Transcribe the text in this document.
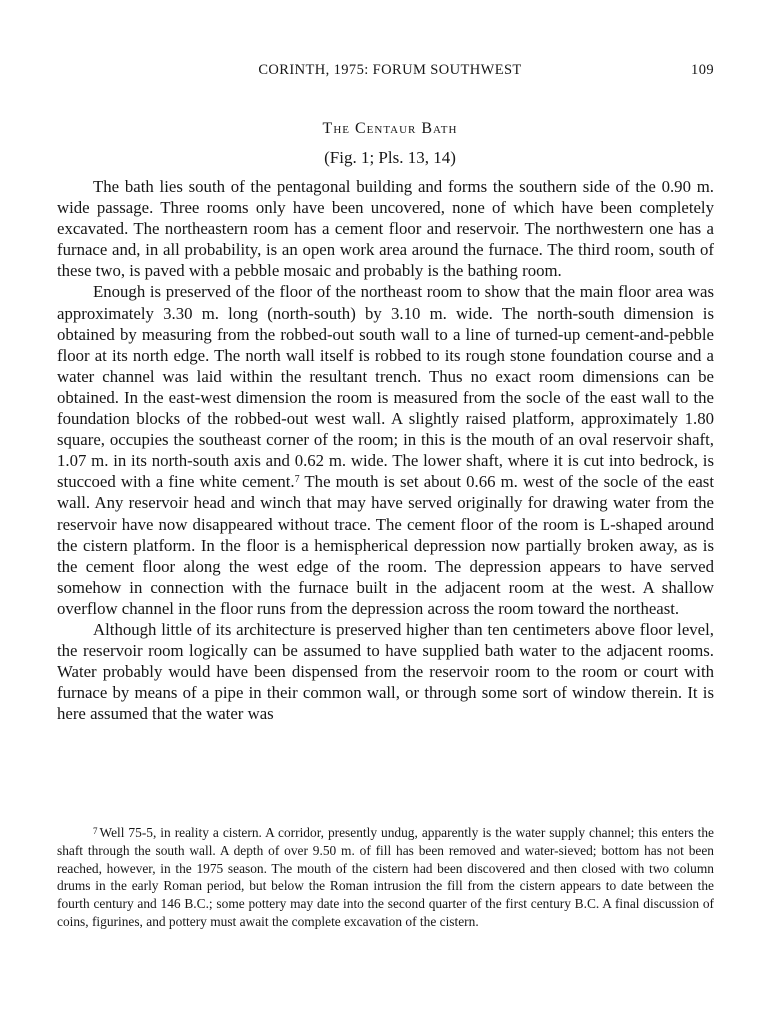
CORINTH, 1975: FORUM SOUTHWEST	109
The Centaur Bath
(Fig. 1; Pls. 13, 14)

The bath lies south of the pentagonal building and forms the southern side of the 0.90 m. wide passage. Three rooms only have been uncovered, none of which have been completely excavated. The northeastern room has a cement floor and reservoir. The northwestern one has a furnace and, in all probability, is an open work area around the furnace. The third room, south of these two, is paved with a pebble mosaic and probably is the bathing room.

Enough is preserved of the floor of the northeast room to show that the main floor area was approximately 3.30 m. long (north-south) by 3.10 m. wide. The north-south dimension is obtained by measuring from the robbed-out south wall to a line of turned-up cement-and-pebble floor at its north edge. The north wall itself is robbed to its rough stone foundation course and a water channel was laid within the resultant trench. Thus no exact room dimensions can be obtained. In the east-west dimension the room is measured from the socle of the east wall to the foundation blocks of the robbed-out west wall. A slightly raised platform, approximately 1.80 square, occupies the southeast corner of the room; in this is the mouth of an oval reservoir shaft, 1.07 m. in its north-south axis and 0.62 m. wide. The lower shaft, where it is cut into bedrock, is stuccoed with a fine white cement.$^7$ The mouth is set about 0.66 m. west of the socle of the east wall. Any reservoir head and winch that may have served originally for drawing water from the reservoir have now disappeared without trace. The cement floor of the room is L-shaped around the cistern platform. In the floor is a hemispherical depression now partially broken away, as is the cement floor along the west edge of the room. The depression appears to have served somehow in connection with the furnace built in the adjacent room at the west. A shallow overflow channel in the floor runs from the depression across the room toward the northeast.

Although little of its architecture is preserved higher than ten centimeters above floor level, the reservoir room logically can be assumed to have supplied bath water to the adjacent rooms. Water probably would have been dispensed from the reservoir room to the room or court with furnace by means of a pipe in their common wall, or through some sort of window therein. It is here assumed that the water was

$^7$ Well 75-5, in reality a cistern. A corridor, presently undug, apparently is the water supply channel; this enters the shaft through the south wall. A depth of over 9.50 m. of fill has been removed and water-sieved; bottom has not been reached, however, in the 1975 season. The mouth of the cistern had been discovered and then closed with two column drums in the early Roman period, but below the Roman intrusion the fill from the cistern appears to date between the fourth century and 146 B.C.; some pottery may date into the second quarter of the first century B.C. A final discussion of coins, figurines, and pottery must await the complete excavation of the cistern.
